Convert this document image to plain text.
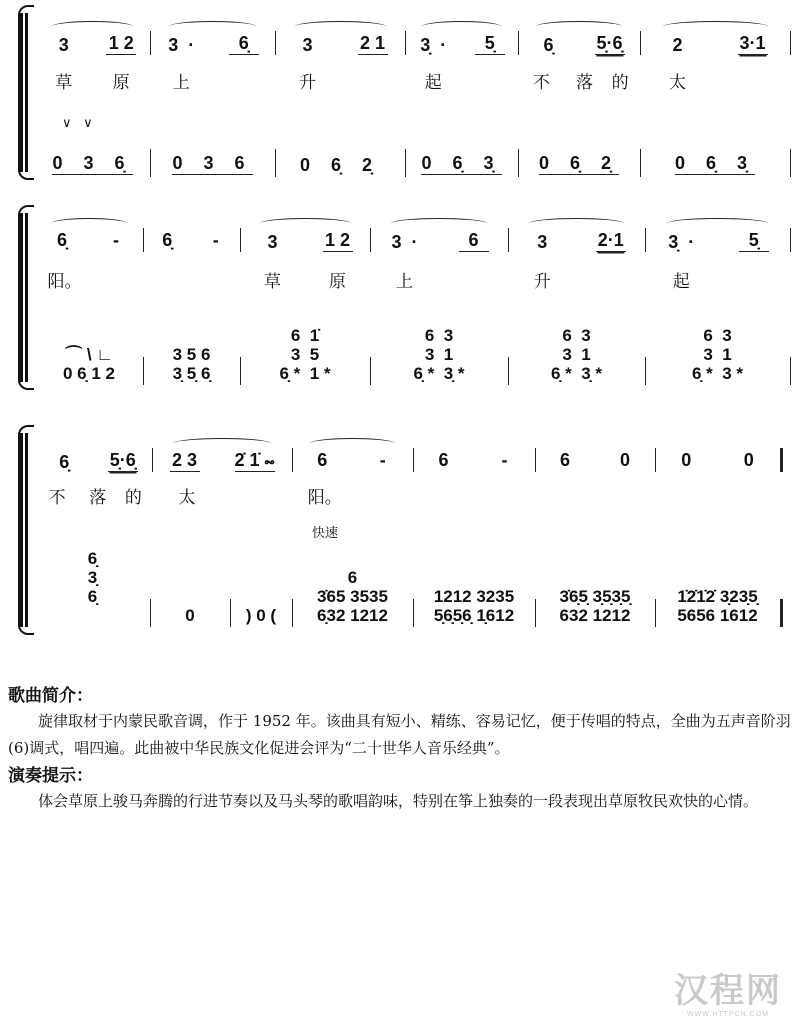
3	1 2
草 原
3  ·	6̣
上
3	2 1
升
3̣  ·	5̣
起
6̣	5̣·6̣
不 落 的
2	3·1
太
0 3 6̣ 0 3 6	0 6̣ 2̣ 0 6̣ 3̣ 0 6̣ 2̣	0 6̣ 3̣
∨ ∨
6̣	-
阳。
6̣	-	3	1 2
草	原
3  ·	6
上
3	2·1
升
3̣  ·	5̣
起
⌒ \ ∟
0 6̣ 1 2
3 5 6
3̣ 5̣ 6̣
6  1̇
3  5
6̣ *  1 *
6  3
3  1
6̣ *  3̣ *
6  3
3  1
6̣ *  3̣ *
6  3
3  1
6̣ *  3 *
6̣	5̣·6̣
不 落 的
2 3 2̇ 1̇ 𝆗
太
6	-
阳。
6	-	6	0	0	0
6̣
3̣
6̣

0	) 0 (
6
3̇65 3535
6̣32 1212
1212 3235
5̣6̣5̣6̣ 1̣612
3̇6̣5̣ 3̣5̣3̣5̣
632 1212
1̇2̇1̇2̇ 3̣23̣5̣
5656 1612
快速
歌曲简介：
旋律取材于内蒙民歌音调，作于 1952 年。该曲具有短小、精练、容易记忆，便于传唱的特点，全曲为五声音阶羽(6)调式，唱四遍。此曲被中华民族文化促进会评为“二十世华人音乐经典”。
演奏提示：
体会草原上骏马奔腾的行进节奏以及马头琴的歌唱韵味，特别在筝上独奏的一段表现出草原牧民欢快的心情。
汉程网
WWW.HTTPCN.COM
